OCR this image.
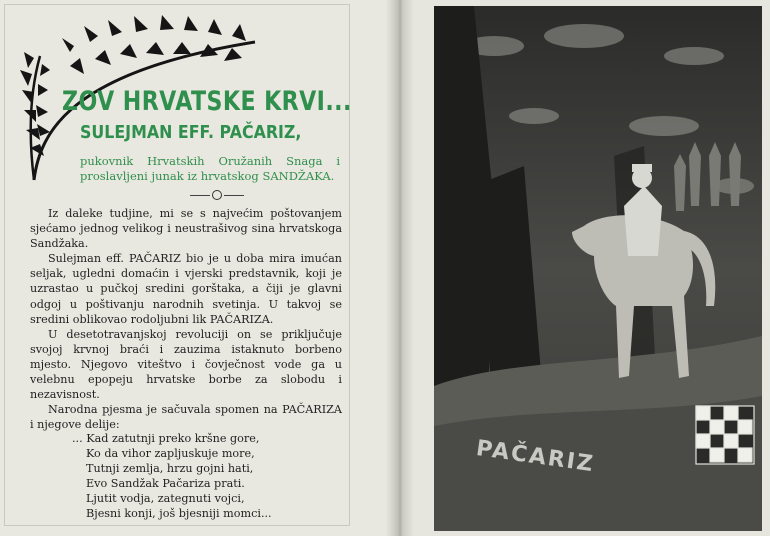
ZOV HRVATSKE KRVI...
SULEJMAN EFF. PAČARIZ,
pukovnik Hrvatskih Oružanih Snaga i proslavljeni junak iz hrvatskog SANDŽAKA.

Iz dalеke tudjine, mi se s najvećim poštovanjem sjećamo jednog velikog i neustrašivog sina hrvatskoga Sandžaka.

Sulejman eff. PAČARIZ bio je u doba mira imućan seljak, ugledni domaćin i vjerski predstavnik, koji je uzrastao u pučkoj sredini gorštaka, a čiji je glavni odgoj u poštivanju narodnih svetinja. U takvoj se sredini oblikovao rodoljubni lik PAČARIZA.

U desetotravanjskoj revoluciji on se priključuje svojoj krvnoj braći i zauzima istaknuto borbeno mjesto. Njegovo viteštvo i čovječnost vode ga u velebnu epopeju hrvatske borbe za slobodu i nezavisnost.

Narodna pjesma je sačuvala spomen na PAČARIZA i njegove delije:

... Kad zatutnji preko kršne gore,
Ko da vihor zapljuskuje more,
Tutnji zemlja, hrzu gojni hati,
Evo Sandžak Pačariza prati.
Ljutit vodja, zategnuti vojci,
Bjesni konji, još bjesniji momci...
PAČARIZ
